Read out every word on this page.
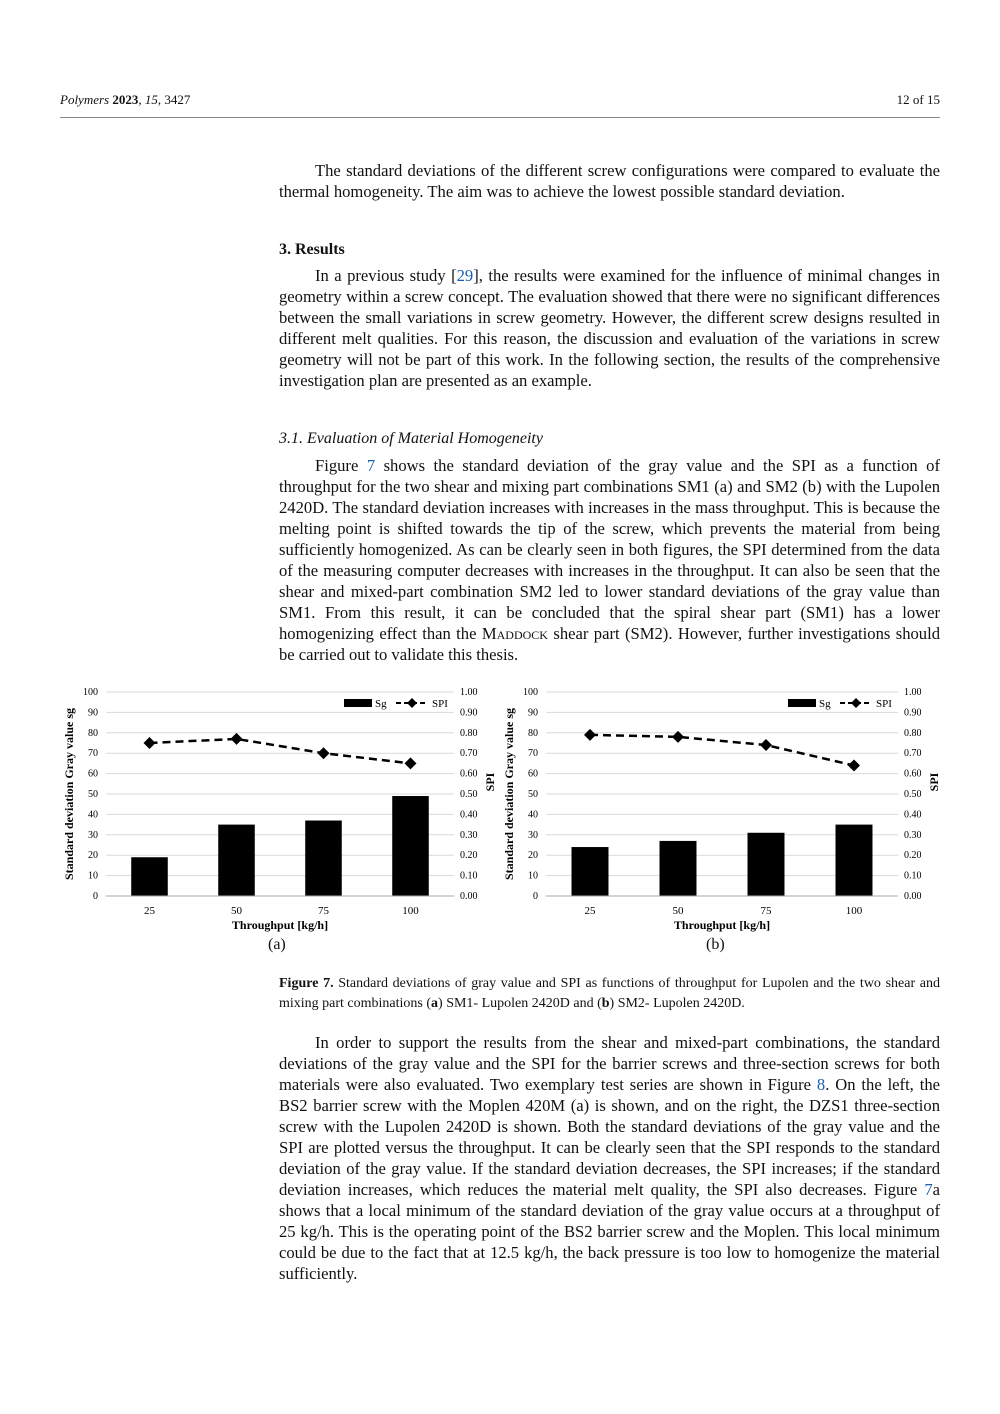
Polymers 2023, 15, 3427	12 of 15

The standard deviations of the different screw configurations were compared to evaluate the thermal homogeneity. The aim was to achieve the lowest possible standard deviation.

3. Results

In a previous study [29], the results were examined for the influence of minimal changes in geometry within a screw concept. The evaluation showed that there were no significant differences between the small variations in screw geometry. However, the different screw designs resulted in different melt qualities. For this reason, the discussion and evaluation of the variations in screw geometry will not be part of this work. In the following section, the results of the comprehensive investigation plan are presented as an example.

3.1. Evaluation of Material Homogeneity

Figure 7 shows the standard deviation of the gray value and the SPI as a function of throughput for the two shear and mixing part combinations SM1 (a) and SM2 (b) with the Lupolen 2420D. The standard deviation increases with increases in the mass throughput. This is because the melting point is shifted towards the tip of the screw, which prevents the material from being sufficiently homogenized. As can be clearly seen in both figures, the SPI determined from the data of the measuring computer decreases with increases in the throughput. It can also be seen that the shear and mixed-part combination SM2 led to lower standard deviations of the gray value than SM1. From this result, it can be concluded that the spiral shear part (SM1) has a lower homogenizing effect than the Maddock shear part (SM2). However, further investigations should be carried out to validate this thesis.

0
10
20
30
40
50
60
70
80
90
100
0.00
0.10
0.20
0.30
0.40
0.50
0.60
0.70
0.80
0.90
1.00
25	50	75	100
Throughput [kg/h]
Standard deviation Gray value sg	SPI
Sg	SPI
0
10
20
30
40
50
60
70
80
90
100
0.00
0.10
0.20
0.30
0.40
0.50
0.60
0.70
0.80
0.90
1.00
25	50	75	100
Throughput [kg/h]
Standard deviation Gray value sg	SPI
Sg	SPI
(a)	(b)
Figure 7. Standard deviations of gray value and SPI as functions of throughput for Lupolen and the two shear and mixing part combinations (a) SM1- Lupolen 2420D and (b) SM2- Lupolen 2420D.

In order to support the results from the shear and mixed-part combinations, the standard deviations of the gray value and the SPI for the barrier screws and three-section screws for both materials were also evaluated. Two exemplary test series are shown in Figure 8. On the left, the BS2 barrier screw with the Moplen 420M (a) is shown, and on the right, the DZS1 three-section screw with the Lupolen 2420D is shown. Both the standard deviations of the gray value and the SPI are plotted versus the throughput. It can be clearly seen that the SPI responds to the standard deviation of the gray value. If the standard deviation decreases, the SPI increases; if the standard deviation increases, which reduces the material melt quality, the SPI also decreases. Figure 7a shows that a local minimum of the standard deviation of the gray value occurs at a throughput of 25 kg/h. This is the operating point of the BS2 barrier screw and the Moplen. This local minimum could be due to the fact that at 12.5 kg/h, the back pressure is too low to homogenize the material sufficiently.
